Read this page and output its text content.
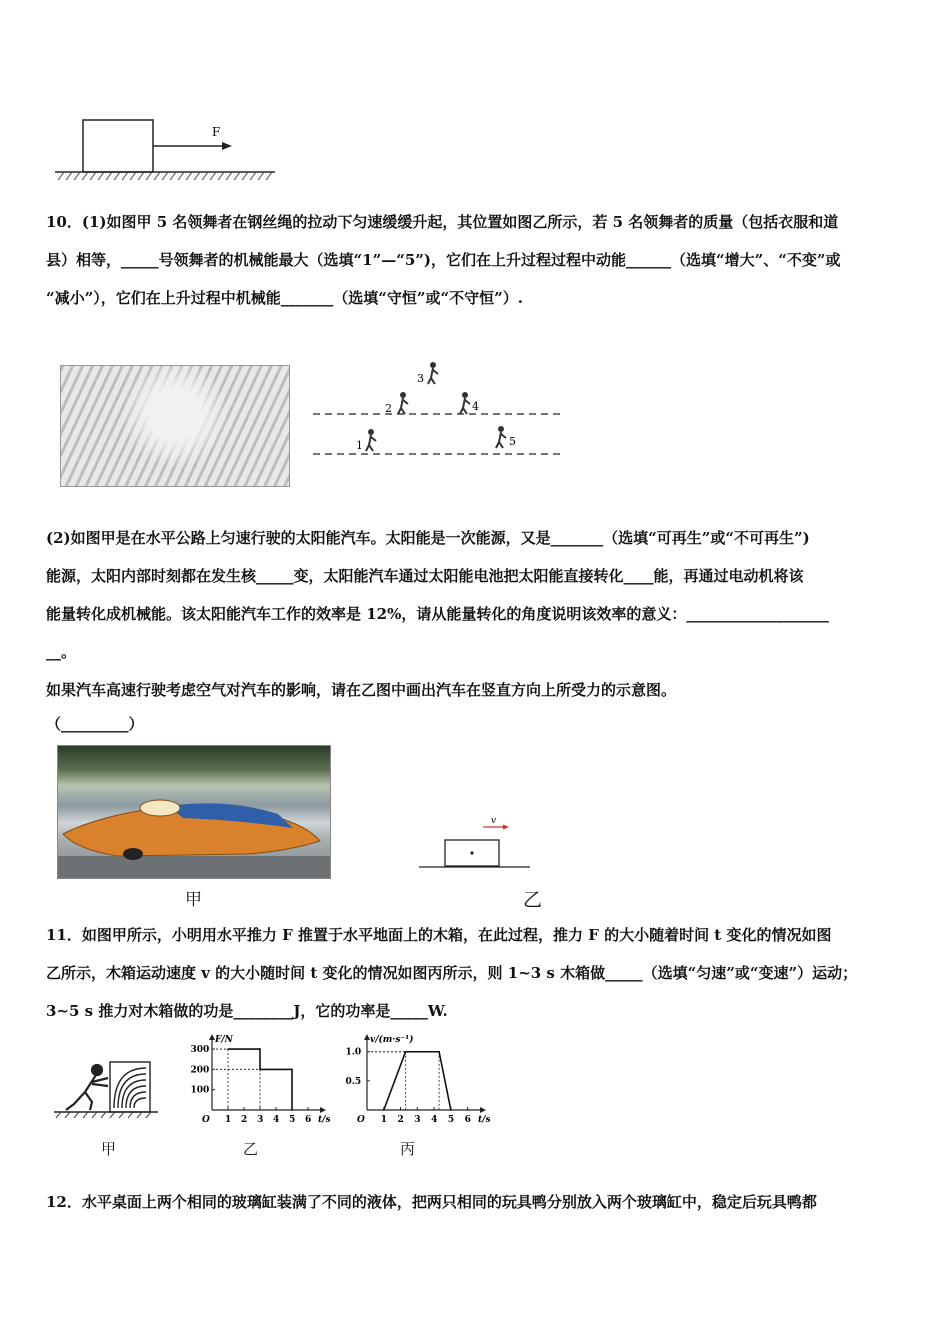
F

10．(1)如图甲 5 名领舞者在钢丝绳的拉动下匀速缓缓升起，其位置如图乙所示，若 5 名领舞者的质量（包括衣服和道

县）相等，_____号领舞者的机械能最大（选填“1”—“5”)，它们在上升过程过程中动能______（选填“增大”、“不变”或

“减小”），它们在上升过程中机械能_______（选填“守恒”或“不守恒”）.

3
2	4
1	5

(2)如图甲是在水平公路上匀速行驶的太阳能汽车。太阳能是一次能源，又是_______（选填“可再生”或“不可再生”)

能源，太阳内部时刻都在发生核_____变，太阳能汽车通过太阳能电池把太阳能直接转化____能，再通过电动机将该

能量转化成机械能。该太阳能汽车工作的效率是 12%，请从能量转化的角度说明该效率的意义：___________________

__。

如果汽车高速行驶考虑空气对汽车的影响，请在乙图中画出汽车在竖直方向上所受力的示意图。

（_________）

甲
v
乙

11．如图甲所示，小明用水平推力 F 推置于水平地面上的木箱，在此过程，推力 F 的大小随着时间 t 变化的情况如图

乙所示，木箱运动速度 v 的大小随时间 t 变化的情况如图丙所示，则 1~3 s 木箱做_____（选填“匀速”或“变速”）运动；

3~5 s 推力对木箱做的功是________J，它的功率是_____W.

甲
O
F/N
t/s
1 2 3 4 5 6
100
200
300
乙
O
v/(m·s⁻¹)
t/s
1 2 3 4 5 6
0.5
1.0
丙

12．水平桌面上两个相同的玻璃缸装满了不同的液体，把两只相同的玩具鸭分别放入两个玻璃缸中，稳定后玩具鸭都
